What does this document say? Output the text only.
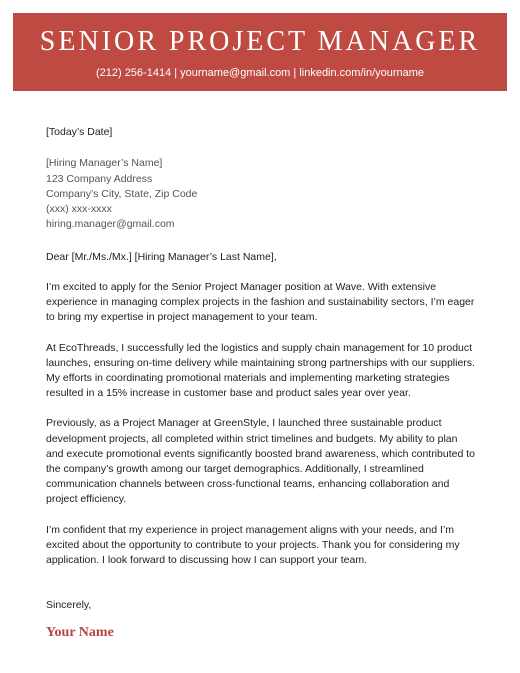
SENIOR PROJECT MANAGER
(212) 256-1414 | yourname@gmail.com | linkedin.com/in/yourname
[Today’s Date]
[Hiring Manager’s Name]
123 Company Address
Company’s City, State, Zip Code
(xxx) xxx-xxxx
hiring.manager@gmail.com
Dear [Mr./Ms./Mx.] [Hiring Manager’s Last Name],

I’m excited to apply for the Senior Project Manager position at Wave. With extensive experience in managing complex projects in the fashion and sustainability sectors, I’m eager to bring my expertise in project management to your team.

At EcoThreads, I successfully led the logistics and supply chain management for 10 product launches, ensuring on-time delivery while maintaining strong partnerships with our suppliers. My efforts in coordinating promotional materials and implementing marketing strategies resulted in a 15% increase in customer base and product sales year over year.

Previously, as a Project Manager at GreenStyle, I launched three sustainable product development projects, all completed within strict timelines and budgets. My ability to plan and execute promotional events significantly boosted brand awareness, which contributed to the company’s growth among our target demographics. Additionally, I streamlined communication channels between cross-functional teams, enhancing collaboration and project efficiency.

I’m confident that my experience in project management aligns with your needs, and I’m excited about the opportunity to contribute to your projects. Thank you for considering my application. I look forward to discussing how I can support your team.

Sincerely,
Your Name
